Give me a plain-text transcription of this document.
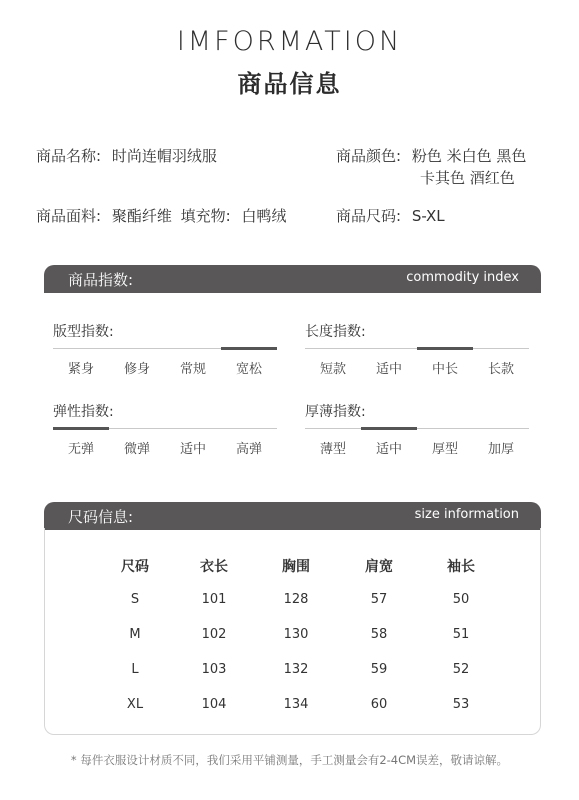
IMFORMATION
商品信息
商品名称: 时尚连帽羽绒服	商品颜色: 粉色 米白色 黑色
卡其色 酒红色
商品面料: 聚酯纤维 填充物: 白鸭绒	商品尺码: S-XL
商品指数:	commodity index
版型指数:
紧身	修身	常规	宽松
长度指数:
短款	适中	中长	长款
弹性指数:
无弹	微弹	适中	高弹
厚薄指数:
薄型	适中	厚型	加厚
尺码信息:	size information
尺码	衣长	胸围	肩宽	袖长
S	101	128	57	50
M	102	130	58	51
L	103	132	59	52
XL	104	134	60	53
* 每件衣服设计材质不同，我们采用平铺测量，手工测量会有2-4CM误差，敬请谅解。
